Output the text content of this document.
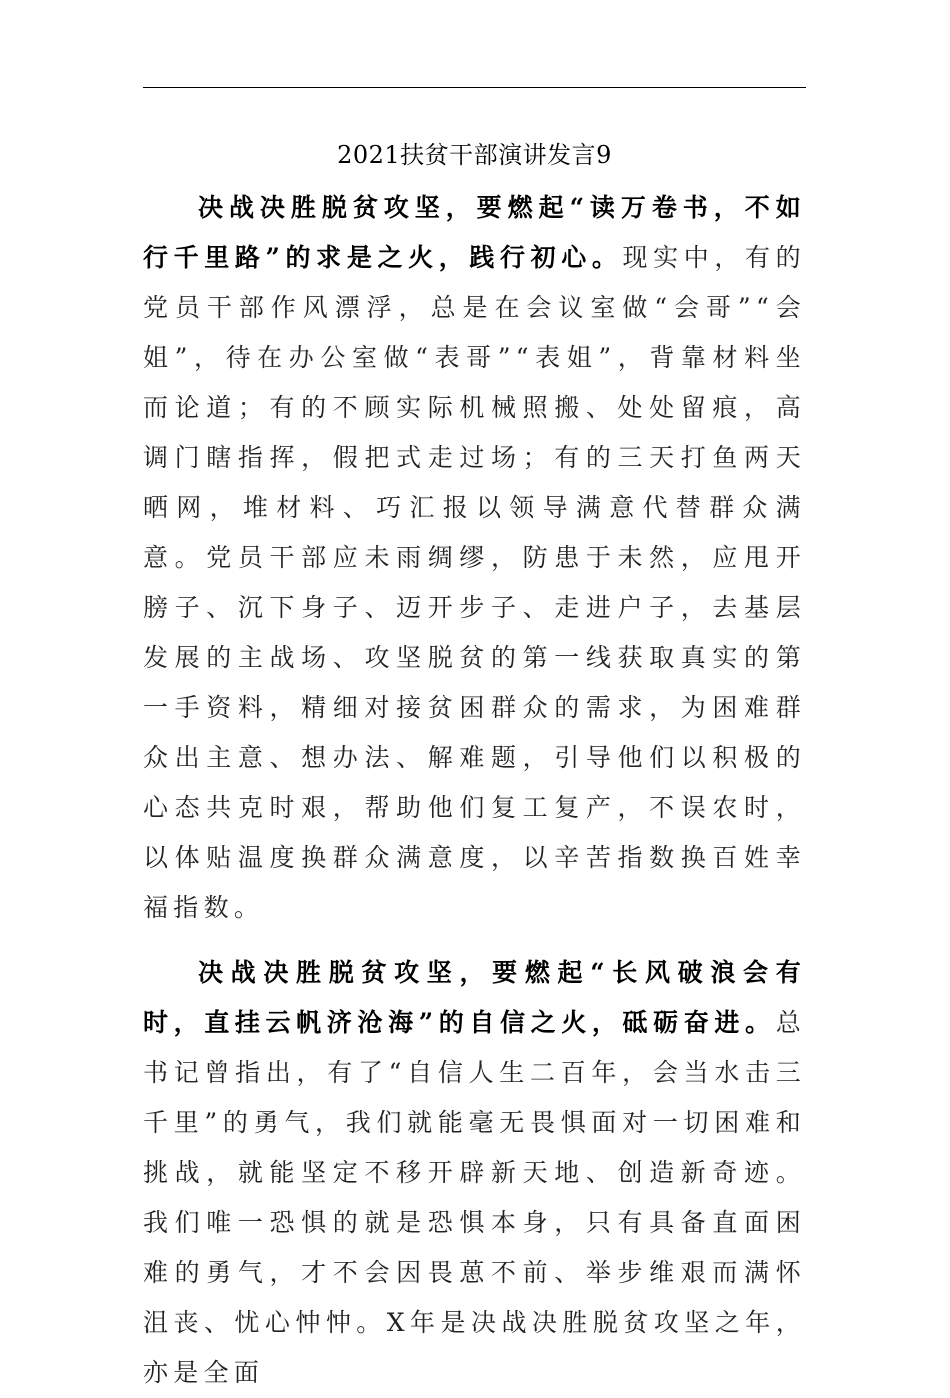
2021扶贫干部演讲发言9

决战决胜脱贫攻坚，要燃起“读万卷书，不如行千里路”的求是之火，践行初心。现实中，有的党员干部作风漂浮，总是在会议室做“会哥”“会姐”，待在办公室做“表哥”“表姐”，背靠材料坐而论道；有的不顾实际机械照搬、处处留痕，高调门瞎指挥，假把式走过场；有的三天打鱼两天晒网，堆材料、巧汇报以领导满意代替群众满意。党员干部应未雨绸缪，防患于未然，应甩开膀子、沉下身子、迈开步子、走进户子，去基层发展的主战场、攻坚脱贫的第一线获取真实的第一手资料，精细对接贫困群众的需求，为困难群众出主意、想办法、解难题，引导他们以积极的心态共克时艰，帮助他们复工复产，不误农时，以体贴温度换群众满意度，以辛苦指数换百姓幸福指数。

决战决胜脱贫攻坚，要燃起“长风破浪会有时，直挂云帆济沧海”的自信之火，砥砺奋进。总书记曾指出，有了“自信人生二百年，会当水击三千里”的勇气，我们就能毫无畏惧面对一切困难和挑战，就能坚定不移开辟新天地、创造新奇迹。我们唯一恐惧的就是恐惧本身，只有具备直面困难的勇气，才不会因畏葸不前、举步维艰而满怀沮丧、忧心忡忡。X年是决战决胜脱贫攻坚之年，亦是全面
